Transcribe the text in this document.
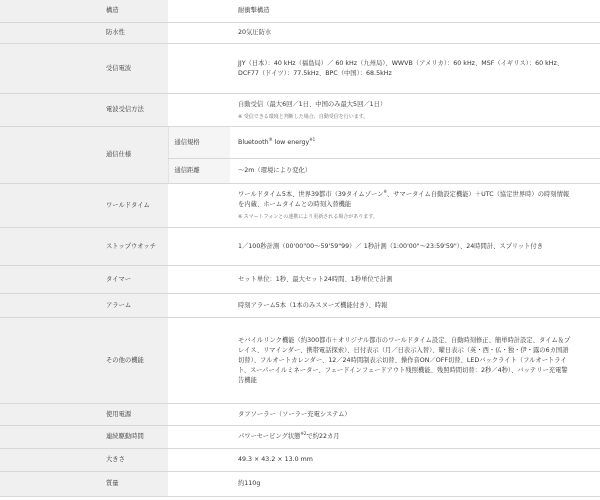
構造	耐衝撃構造	
防水性	20気圧防水	
受信電波	JJY（日本）：40 kHz（福島局）／ 60 kHz（九州局）、WWVB（アメリカ）：60 kHz、MSF（イギリス）：60 kHz、DCF77（ドイツ）：77.5kHz、BPC（中国）：68.5kHz	
電波受信方法	自動受信（最大6回／1日、中国のみ最大5回／1日）
※ 受信できる環境と判断した場合、自動受信を行います。	

通信仕様	通信規格	Bluetooth® low energy$^{※1}$
	通信距離	～2m（環境により変化）
ワールドタイム	ワールドタイム5本、世界39都市（39タイムゾーン※、サマータイム自動設定機能）＋UTC（協定世界時）の時刻情報を内蔵、ホームタイムとの時刻入替機能
※ スマートフォンとの連携により更新される場合があります。	

ストップウオッチ	1／100秒計測（00'00"00～59'59"99）／ 1秒計測（1:00'00"～23:59'59"）、24時間計、スプリット付き	
タイマー	セット単位：1秒、最大セット24時間、1秒単位で計測	
アラーム	時刻アラーム5本（1本のみスヌーズ機能付き）、時報	
その他の機能	モバイルリンク機能（約300都市＋オリジナル都市のワールドタイム設定、自動時刻修正、簡単時計設定、タイム＆プレイス、リマインダー、携帯電話探索）、日付表示（月／日表示入替）、曜日表示（英・西・仏・独・伊・露の6カ国語切替）、フルオートカレンダー、12／24時間制表示切替、操作音ON／OFF切替、LEDバックライト（フルオートライト、スーパーイルミネーター、フェードインフェードアウト残照機能、残照時間切替：2秒／4秒）、バッテリー充電警告機能	
使用電源	タフソーラー（ソーラー充電システム）	
連続駆動時間	パワーセービング状態$^{※2}$で約22カ月	
大きさ	49.3 × 43.2 × 13.0 mm	
質量	約110g	
